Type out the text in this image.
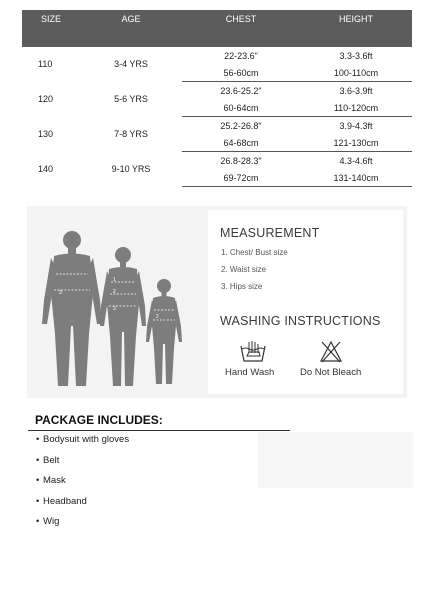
SIZE	AGE	CHEST	HEIGHT
110	3-4 YRS	22-23.6"	3.3-3.6ft
		56-60cm	100-110cm
120	5-6 YRS	23.6-25.2"	3.6-3.9ft
		60-64cm	110-120cm
130	7-8 YRS	25.2-26.8"	3.9-4.3ft
		64-68cm	121-130cm
140	9-10 YRS	26.8-28.3"	4.3-4.6ft
		69-72cm	131-140cm
3
1
2
3
2
MEASUREMENT
1. Chest/ Bust size
2. Waist size
3. Hips size
WASHING INSTRUCTIONS
Hand Wash	Do Not Bleach
PACKAGE INCLUDES:
• Bodysuit with gloves
• Belt
• Mask
• Headband
• Wig
